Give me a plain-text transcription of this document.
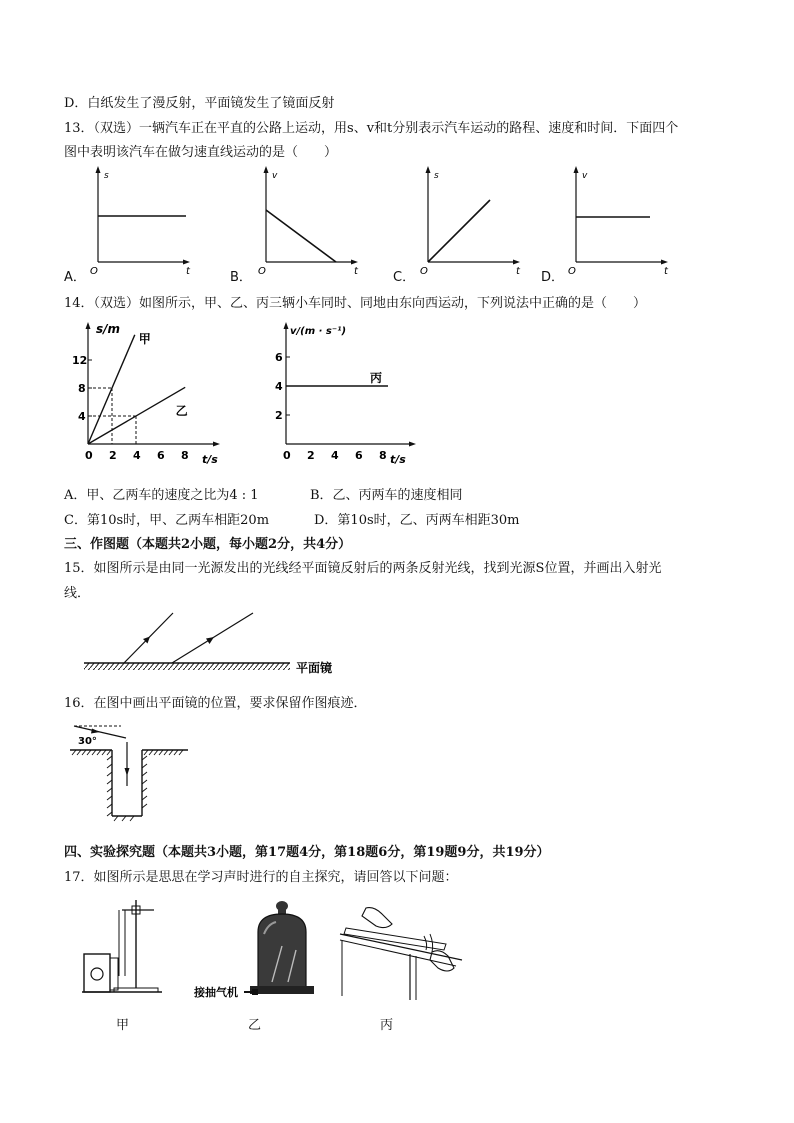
D．白纸发生了漫反射，平面镜发生了镜面反射
13．（双选）一辆汽车正在平直的公路上运动，用s、v和t分别表示汽车运动的路程、速度和时间．下面四个
图中表明该汽车在做匀速直线运动的是（　　）
A．
s
O	t	B．
v
O	t	C．
s
O	t D．
v
O	t
14．（双选）如图所示，甲、乙、丙三辆小车同时、同地由东向西运动，下列说法中正确的是（　　）
s/m
t/s
0 2 4 6 8
4
8
12
甲
乙
v/(m · s⁻¹)
t/s
0 2 4 6 8
2
4
6
丙
A．甲、乙两车的速度之比为4 : 1	B．乙、丙两车的速度相同
C．第10s时，甲、乙两车相距20m	D．第10s时，乙、丙两车相距30m
三、作图题（本题共2小题，每小题2分，共4分）
15．如图所示是由同一光源发出的光线经平面镜反射后的两条反射光线，找到光源S位置，并画出入射光
线．
平面镜
16．在图中画出平面镜的位置，要求保留作图痕迹．
30°
四、实验探究题（本题共3小题，第17题4分，第18题6分，第19题9分，共19分）
17．如图所示是思思在学习声时进行的自主探究，请回答以下问题：
接抽气机
甲	乙	丙
